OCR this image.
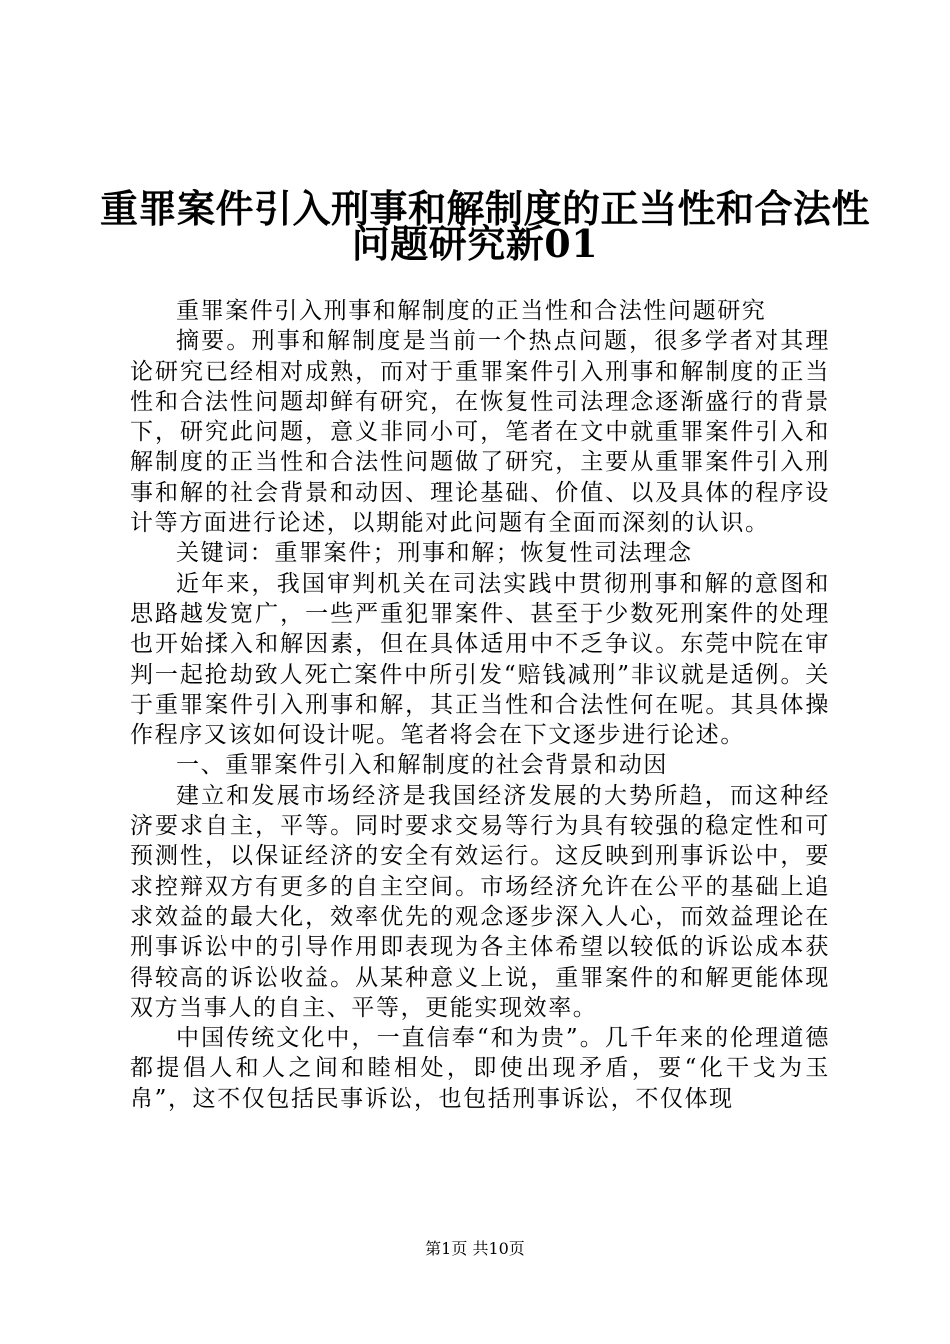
重罪案件引入刑事和解制度的正当性和合法性
问题研究新01

重罪案件引入刑事和解制度的正当性和合法性问题研究

摘要。刑事和解制度是当前一个热点问题，很多学者对其理论研究已经相对成熟，而对于重罪案件引入刑事和解制度的正当性和合法性问题却鲜有研究，在恢复性司法理念逐渐盛行的背景下，研究此问题，意义非同小可，笔者在文中就重罪案件引入和解制度的正当性和合法性问题做了研究，主要从重罪案件引入刑事和解的社会背景和动因、理论基础、价值、以及具体的程序设计等方面进行论述，以期能对此问题有全面而深刻的认识。

关键词：重罪案件；刑事和解；恢复性司法理念

近年来，我国审判机关在司法实践中贯彻刑事和解的意图和思路越发宽广，一些严重犯罪案件、甚至于少数死刑案件的处理也开始揉入和解因素，但在具体适用中不乏争议。东莞中院在审判一起抢劫致人死亡案件中所引发“赔钱减刑”非议就是适例。关于重罪案件引入刑事和解，其正当性和合法性何在呢。其具体操作程序又该如何设计呢。笔者将会在下文逐步进行论述。

一、重罪案件引入和解制度的社会背景和动因

建立和发展市场经济是我国经济发展的大势所趋，而这种经济要求自主，平等。同时要求交易等行为具有较强的稳定性和可预测性，以保证经济的安全有效运行。这反映到刑事诉讼中，要求控辩双方有更多的自主空间。市场经济允许在公平的基础上追求效益的最大化，效率优先的观念逐步深入人心，而效益理论在刑事诉讼中的引导作用即表现为各主体希望以较低的诉讼成本获得较高的诉讼收益。从某种意义上说，重罪案件的和解更能体现双方当事人的自主、平等，更能实现效率。

中国传统文化中，一直信奉“和为贵”。几千年来的伦理道德都提倡人和人之间和睦相处，即使出现矛盾，要“化干戈为玉帛”，这不仅包括民事诉讼，也包括刑事诉讼，不仅体现

第1页 共10页
